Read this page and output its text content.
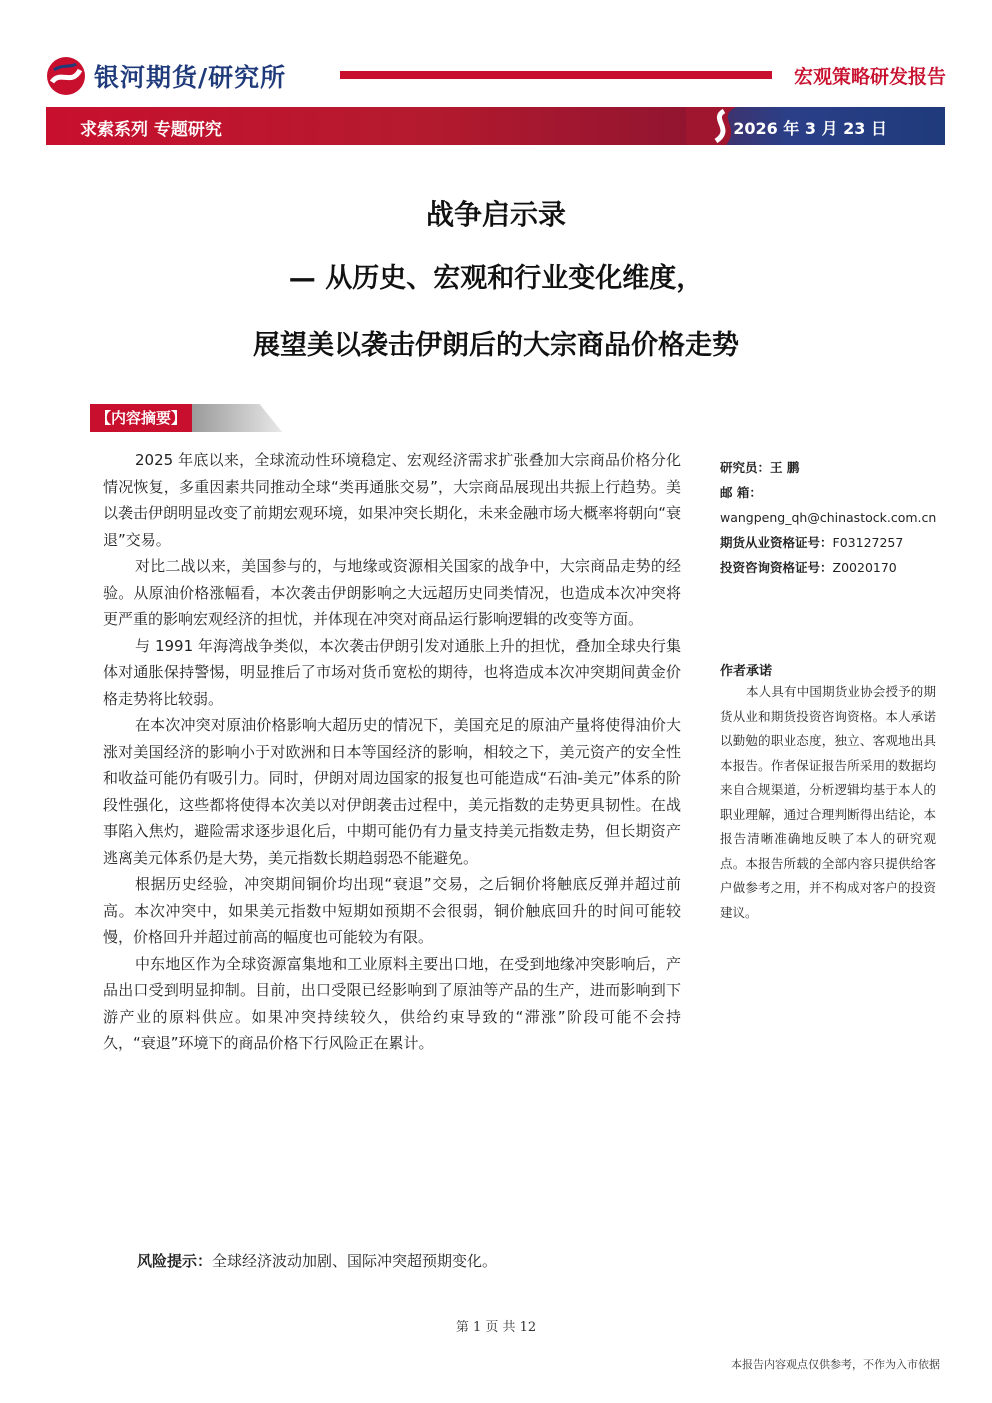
银河期货/研究所	宏观策略研发报告
求索系列 专题研究	2026 年 3 月 23 日
战争启示录
— 从历史、宏观和行业变化维度，
展望美以袭击伊朗后的大宗商品价格走势
【内容摘要】

2025 年底以来，全球流动性环境稳定、宏观经济需求扩张叠加大宗商品价格分化情况恢复，多重因素共同推动全球“类再通胀交易”，大宗商品展现出共振上行趋势。美以袭击伊朗明显改变了前期宏观环境，如果冲突长期化，未来金融市场大概率将朝向“衰退”交易。

对比二战以来，美国参与的，与地缘或资源相关国家的战争中，大宗商品走势的经验。从原油价格涨幅看，本次袭击伊朗影响之大远超历史同类情况，也造成本次冲突将更严重的影响宏观经济的担忧，并体现在冲突对商品运行影响逻辑的改变等方面。

与 1991 年海湾战争类似，本次袭击伊朗引发对通胀上升的担忧，叠加全球央行集体对通胀保持警惕，明显推后了市场对货币宽松的期待，也将造成本次冲突期间黄金价格走势将比较弱。

在本次冲突对原油价格影响大超历史的情况下，美国充足的原油产量将使得油价大涨对美国经济的影响小于对欧洲和日本等国经济的影响，相较之下，美元资产的安全性和收益可能仍有吸引力。同时，伊朗对周边国家的报复也可能造成“石油-美元”体系的阶段性强化，这些都将使得本次美以对伊朗袭击过程中，美元指数的走势更具韧性。在战事陷入焦灼，避险需求逐步退化后，中期可能仍有力量支持美元指数走势，但长期资产逃离美元体系仍是大势，美元指数长期趋弱恐不能避免。

根据历史经验，冲突期间铜价均出现“衰退”交易，之后铜价将触底反弹并超过前高。本次冲突中，如果美元指数中短期如预期不会很弱，铜价触底回升的时间可能较慢，价格回升并超过前高的幅度也可能较为有限。

中东地区作为全球资源富集地和工业原料主要出口地，在受到地缘冲突影响后，产品出口受到明显抑制。目前，出口受限已经影响到了原油等产品的生产，进而影响到下游产业的原料供应。如果冲突持续较久，供给约束导致的“滞涨”阶段可能不会持久，“衰退”环境下的商品价格下行风险正在累计。

风险提示：全球经济波动加剧、国际冲突超预期变化。
研究员：王 鹏
邮 箱：
wangpeng_qh@chinastock.com.cn
期货从业资格证号：F03127257
投资咨询资格证号：Z0020170
作者承诺

本人具有中国期货业协会授予的期货从业和期货投资咨询资格。本人承诺以勤勉的职业态度，独立、客观地出具本报告。作者保证报告所采用的数据均来自合规渠道，分析逻辑均基于本人的职业理解，通过合理判断得出结论，本报告清晰准确地反映了本人的研究观点。本报告所载的全部内容只提供给客户做参考之用，并不构成对客户的投资建议。

第 1 页 共 12
本报告内容观点仅供参考，不作为入市依据
